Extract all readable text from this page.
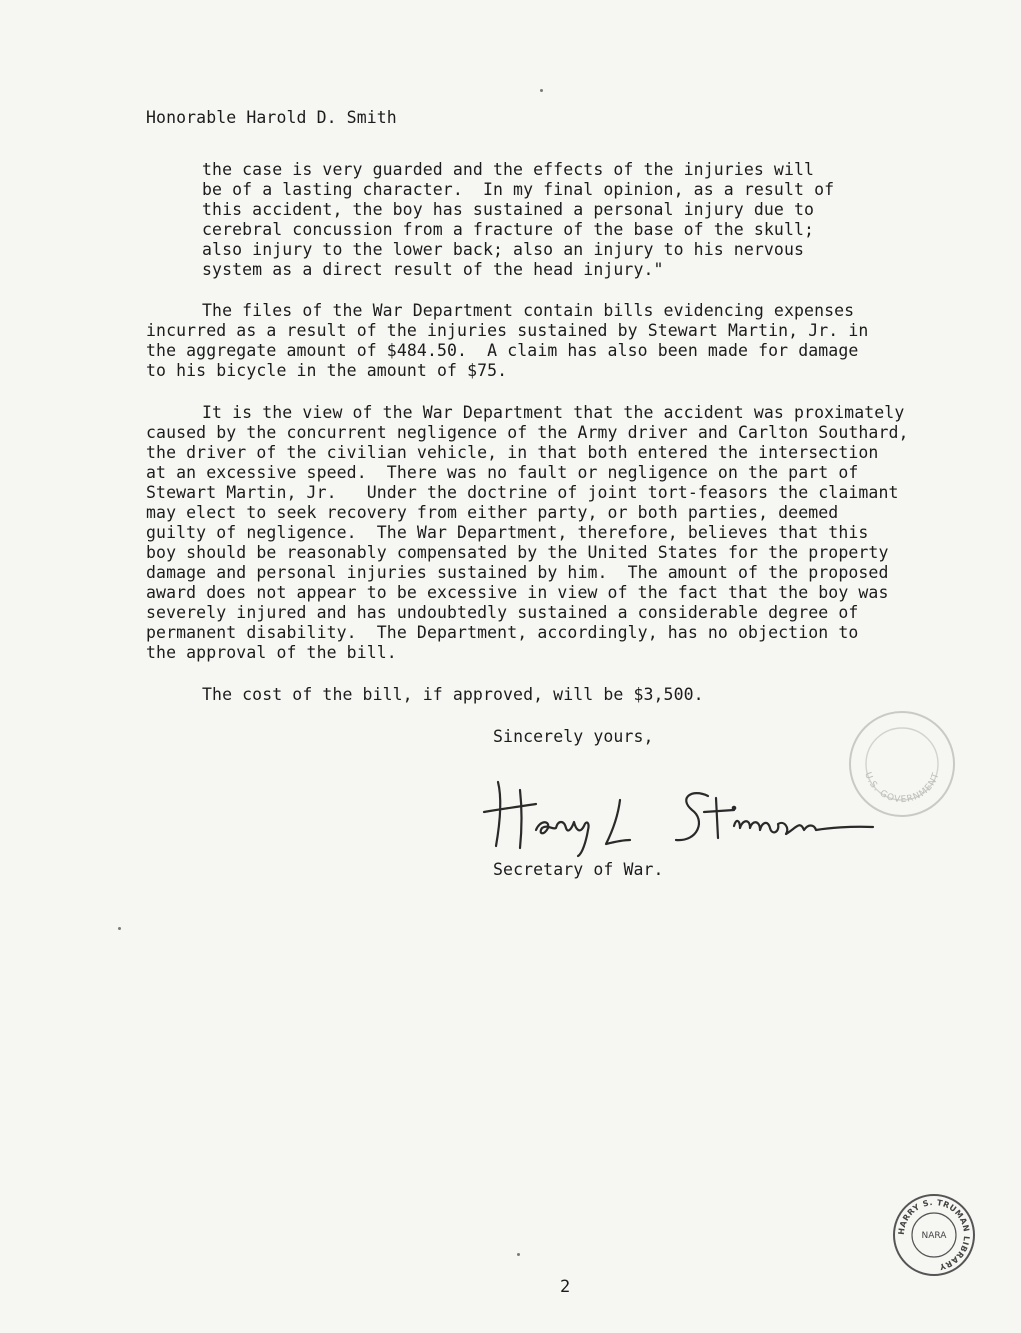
Honorable Harold D. Smith
the case is very guarded and the effects of the injuries will
be of a lasting character.  In my final opinion, as a result of
this accident, the boy has sustained a personal injury due to
cerebral concussion from a fracture of the base of the skull;
also injury to the lower back; also an injury to his nervous
system as a direct result of the head injury."
The files of the War Department contain bills evidencing expenses
incurred as a result of the injuries sustained by Stewart Martin, Jr. in
the aggregate amount of $484.50.  A claim has also been made for damage
to his bicycle in the amount of $75.
It is the view of the War Department that the accident was proximately
caused by the concurrent negligence of the Army driver and Carlton Southard,
the driver of the civilian vehicle, in that both entered the intersection
at an excessive speed.  There was no fault or negligence on the part of
Stewart Martin, Jr.   Under the doctrine of joint tort-feasors the claimant
may elect to seek recovery from either party, or both parties, deemed
guilty of negligence.  The War Department, therefore, believes that this
boy should be reasonably compensated by the United States for the property
damage and personal injuries sustained by him.  The amount of the proposed
award does not appear to be excessive in view of the fact that the boy was
severely injured and has undoubtedly sustained a considerable degree of
permanent disability.  The Department, accordingly, has no objection to
the approval of the bill.
The cost of the bill, if approved, will be $3,500.
Sincerely yours,
Secretary of War.
U.S. GOVERNMENT
HARRY S. TRUMAN LIBRARY
NARA
2
